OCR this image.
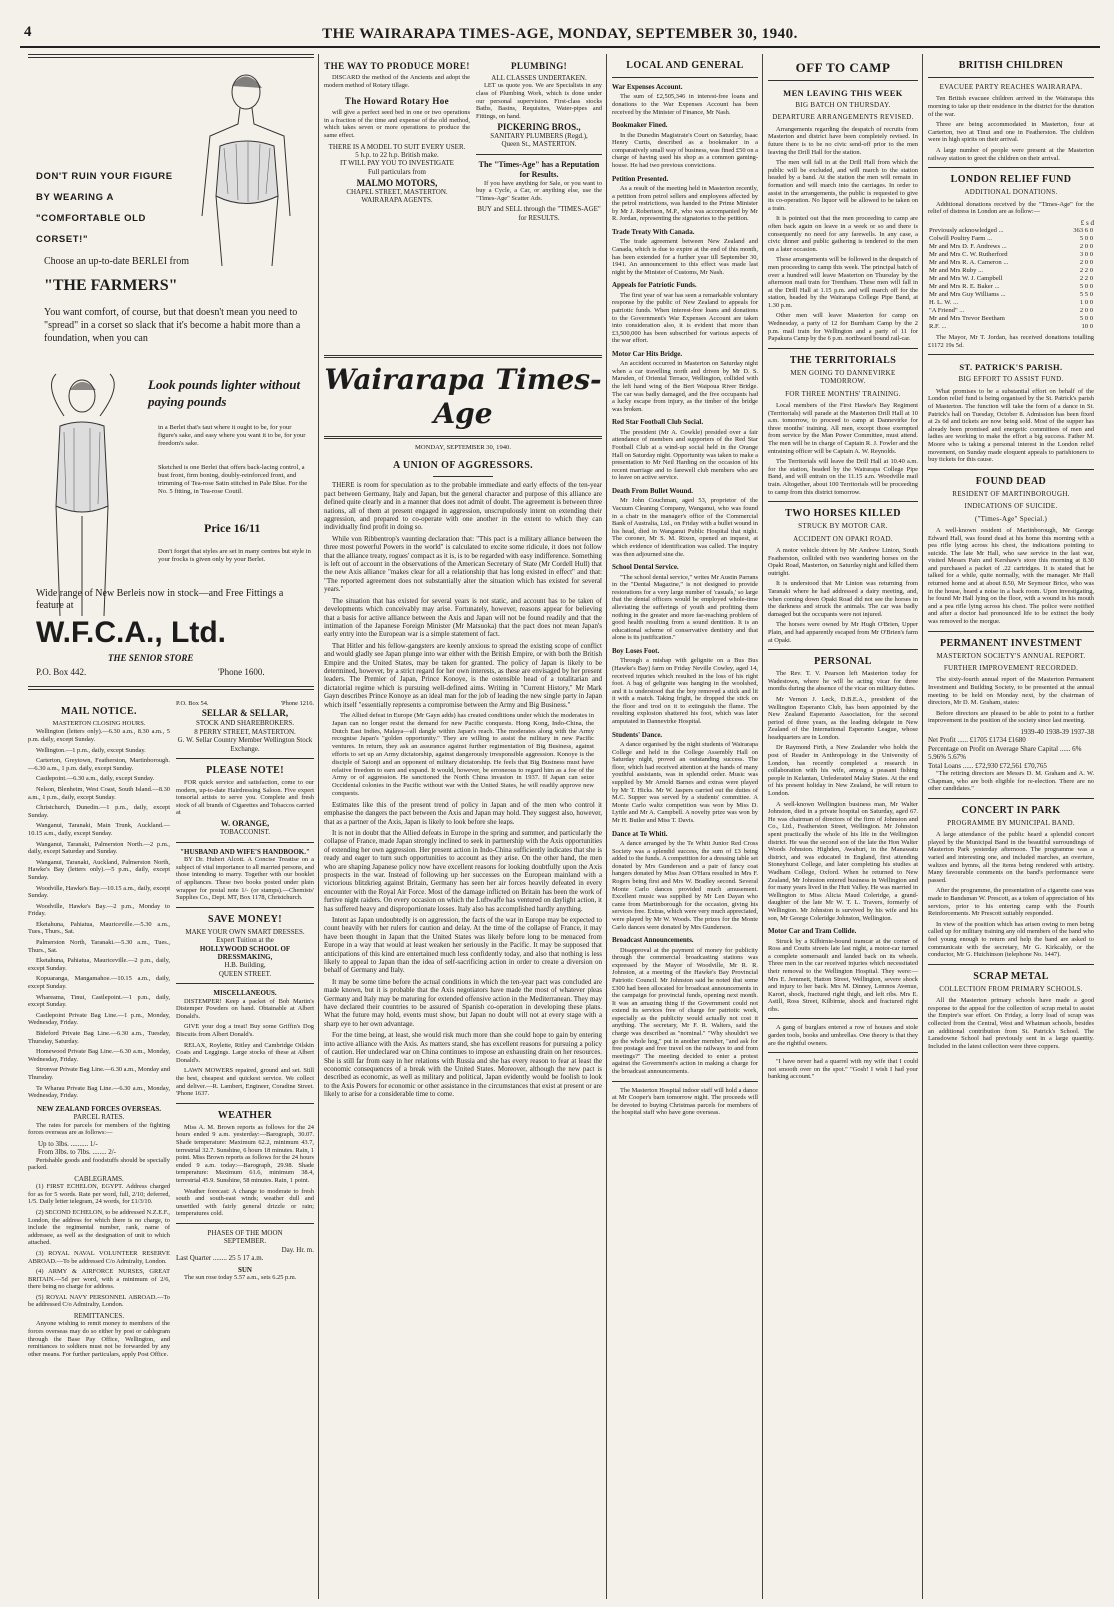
4	THE WAIRARAPA TIMES-AGE, MONDAY, SEPTEMBER 30, 1940.
DON'T RUIN YOUR FIGURE BY WEARING A "COMFORTABLE OLD CORSET!"
Choose an up-to-date BERLEI from
"THE FARMERS"
You want comfort, of course, but that doesn't mean you need to "spread" in a corset so slack that it's become a habit more than a foundation, when you can
Look pounds lighter without paying pounds
in a Berlei that's taut where it ought to be, for your figure's sake, and easy where you want it to be, for your freedom's sake.
Sketched is one Berlei that offers back-lacing control, a bust front, firm boning, doubly-reinforced front, and trimming of Tea-rose Satin stitched in Pale Blue. For the No. 5 fitting, in Tea-rose Coutil.
Price 16/11
Don't forget that styles are set in many centres but style in your frocks is given only by your Berlei.
Wide range of New Berleis now in stock—and Free Fittings a feature at
W.F.C.A., Ltd.
THE SENIOR STORE
P.O. Box 442.	'Phone 1600.
MAIL NOTICE.
MASTERTON CLOSING HOURS.

Wellington (letters only).—6.30 a.m., 8.30 a.m., 5 p.m. daily, except Sunday.

Wellington.—1 p.m., daily, except Sunday.

Carterton, Greytown, Featherston, Martinborough.—6.30 a.m., 1 p.m. daily, except Sunday.

Castlepoint.—6.30 a.m., daily, except Sunday.

Nelson, Blenheim, West Coast, South Island.—8.30 a.m., 1 p.m., daily, except Sunday.

Christchurch, Dunedin.—1 p.m., daily, except Sunday.

Wanganui, Taranaki, Main Trunk, Auckland.—10.15 a.m., daily, except Sunday.

Wanganui, Taranaki, Palmerston North.—2 p.m., daily, except Saturday and Sunday.

Wanganui, Taranaki, Auckland, Palmerston North, Hawke's Bay (letters only).—5 p.m., daily, except Sunday.

Woodville, Hawke's Bay.—10.15 a.m., daily, except Sunday.

Woodville, Hawke's Bay.—2 p.m., Monday to Friday.

Eketahuna, Pahiatua, Mauriceville.—5.30 a.m., Tues., Thurs., Sat.

Palmerston North, Taranaki.—5.30 a.m., Tues., Thurs., Sat.

Eketahuna, Pahiatua, Mauriceville.—2 p.m., daily, except Sunday.

Kopuaranga, Mangamahoe.—10.15 a.m., daily, except Sunday.

Whareama, Tinui, Castlepoint.—1 p.m., daily, except Sunday.

Castlepoint Private Bag Line.—1 p.m., Monday, Wednesday, Friday.

Bideford Private Bag Line.—6.30 a.m., Tuesday, Thursday, Saturday.

Homewood Private Bag Line.—6.30 a.m., Monday, Wednesday, Friday.

Stronvar Private Bag Line.—6.30 a.m., Monday and Thursday.

Te Wharau Private Bag Line.—6.30 a.m., Monday, Wednesday, Friday.

NEW ZEALAND FORCES OVERSEAS.
PARCEL RATES.

The rates for parcels for members of the fighting forces overseas are as follows:—

Up to 3lbs. .......... 1/-
From 3lbs. to 7lbs. ........ 2/-

Perishable goods and foodstuffs should be specially packed.

CABLEGRAMS.

(1) FIRST ECHELON, EGYPT. Address charged for as for 5 words. Rate per word, full, 2/10; deferred, 1/5. Daily letter telegram, 24 words, for £1/3/10.

(2) SECOND ECHELON, to be addressed N.Z.E.F., London, the address for which there is no charge, to include the regimental number, rank, name of addressee, as well as the designation of unit to which attached.

(3) ROYAL NAVAL VOLUNTEER RESERVE ABROAD.—To be addressed C/o Admiralty, London.

(4) ARMY & AIRFORCE NURSES, GREAT BRITAIN.—5d per word, with a minimum of 2/6, there being no charge for address.

(5) ROYAL NAVY PERSONNEL ABROAD.—To be addressed C/o Admiralty, London.

REMITTANCES.

Anyone wishing to remit money to members of the forces overseas may do so either by post or cablegram through the Base Pay Office, Wellington, and remittances to soldiers must not be forwarded by any other means. For further particulars, apply Post Office.

P.O. Box 54.	'Phone 1216.
SELLAR & SELLAR,
STOCK AND SHAREBROKERS.
8 PERRY STREET, MASTERTON.
G. W. Sellar Country Member Wellington Stock Exchange.
PLEASE NOTE!

FOR quick service and satisfaction, come to our modern, up-to-date Hairdressing Saloon. Five expert tonsorial artists to serve you. Complete and fresh stock of all brands of Cigarettes and Tobaccos carried at

W. ORANGE,
TOBACCONIST.
"HUSBAND AND WIFE'S HANDBOOK."

BY Dr. Hubert Alcott. A Concise Treatise on a subject of vital importance to all married persons, and those intending to marry. Together with our booklet of appliances. These two books posted under plain wrapper for postal note 1/- (or stamps).—Chemists' Supplies Co., Dept. MT, Box 1178, Christchurch.

SAVE MONEY!
MAKE YOUR OWN SMART DRESSES.
Expert Tuition at the
HOLLYWOOD SCHOOL OF DRESSMAKING,
H.B. Building,
QUEEN STREET.
MISCELLANEOUS.

DISTEMPER! Keep a packet of Bob Martin's Distemper Powders on hand. Obtainable at Albert Donald's.

GIVE your dog a treat! Buy some Griffin's Dog Biscuits from Albert Donald's.

RELAX, Roylette, Ritley and Cambridge Oilskin Coats and Leggings. Large stocks of these at Albert Donald's.

LAWN MOWERS repaired, ground and set. Still the best, cheapest and quickest service. We collect and deliver.—R. Lambert, Engineer, Coradine Street. 'Phone 1637.

WEATHER

Miss A. M. Brown reports as follows for the 24 hours ended 9 a.m. yesterday:—Barograph, 30.07. Shade temperature: Maximum 62.2, minimum 43.7, terrestrial 32.7. Sunshine, 6 hours 18 minutes. Rain, 1 point. Miss Brown reports as follows for the 24 hours ended 9 a.m. today:—Barograph, 29.98. Shade temperature: Maximum 61.6, minimum 38.4, terrestrial 45.9. Sunshine, 58 minutes. Rain, 1 point.

Weather forecast: A change to moderate to fresh south and south-east winds; weather dull and unsettled with fairly general drizzle or rain; temperatures cold.

PHASES OF THE MOON
SEPTEMBER.
Day. Hr. m.
Last Quarter ........ 25 5 17 a.m.
SUN

The sun rose today 5.57 a.m., sets 6.25 p.m.

THE WAY TO PRODUCE MORE!

DISCARD the method of the Ancients and adopt the modern method of Rotary tillage.

The Howard Rotary Hoe

will give a perfect seed bed in one or two operations in a fraction of the time and expense of the old method, which takes seven or more operations to produce the same effect.

THERE IS A MODEL TO SUIT EVERY USER.
5 h.p. to 22 h.p. British make.
IT WILL PAY YOU TO INVESTIGATE
Full particulars from
MALMO MOTORS,
CHAPEL STREET, MASTERTON.
WAIRARAPA AGENTS.
PLUMBING!
ALL CLASSES UNDERTAKEN.

LET us quote you. We are Specialists in any class of Plumbing Work, which is done under our personal supervision. First-class stocks Baths, Basins, Requisites, Water-pipes and Fittings, on hand.

PICKERING BROS.,
SANITARY PLUMBERS (Regd.),
Queen St., MASTERTON.
The "Times-Age" has a Reputation for Results.

If you have anything for Sale, or you want to buy a Cycle, a Car, or anything else, use the "Times-Age" Scatter Ads.

BUY and SELL through the "TIMES-AGE" for RESULTS.
Wairarapa Times-Age
MONDAY, SEPTEMBER 30, 1940.
A UNION OF AGGRESSORS.

THERE is room for speculation as to the probable immediate and early effects of the ten-year pact between Germany, Italy and Japan, but the general character and purpose of this alliance are defined quite clearly and in a manner that does not admit of doubt. The agreement is between three nations, all of them at present engaged in aggression, unscrupulously intent on extending their aggression, and prepared to co-operate with one another in the extent to which they can individually find profit in doing so.

While von Ribbentrop's vaunting declaration that: "This pact is a military alliance between the three most powerful Powers in the world" is calculated to excite some ridicule, it does not follow that the alliance treaty, rogues' compact as it is, is to be regarded with easy indifference. Something is left out of account in the observations of the American Secretary of State (Mr Cordell Hull) that the new Axis alliance "makes clear for all a relationship that has long existed in effect" and that: "The reported agreement does not substantially alter the situation which has existed for several years."

The situation that has existed for several years is not static, and account has to be taken of developments which conceivably may arise. Fortunately, however, reasons appear for believing that a basis for active alliance between the Axis and Japan will not be found readily and that the intimation of the Japanese Foreign Minister (Mr Matsuoka) that the pact does not mean Japan's early entry into the European war is a simple statement of fact.

That Hitler and his fellow-gangsters are keenly anxious to spread the existing scope of conflict and would gladly see Japan plunge into war either with the British Empire, or with both the British Empire and the United States, may be taken for granted. The policy of Japan is likely to be determined, however, by a strict regard for her own interests, as these are envisaged by her present leaders. The Premier of Japan, Prince Konoye, is the ostensible head of a totalitarian and dictatorial regime which is pursuing well-defined aims. Writing in "Current History," Mr Mark Gayn describes Prince Konoye as an ideal man for the job of leading the new single party in Japan which itself "essentially represents a compromise between the Army and Big Business."

The Allied defeat in Europe (Mr Gayn adds) has created conditions under which the moderates in Japan can no longer resist the demand for new Pacific conquests. Hong Kong, Indo-China, the Dutch East Indies, Malaya—all dangle within Japan's reach. The moderates along with the Army recognise Japan's "golden opportunity." They are willing to assist the military in new Pacific ventures. In return, they ask an assurance against further regimentation of Big Business, against efforts to set up an Army dictatorship, against dangerously irresponsible aggression. Konoye is the disciple of Saionji and an opponent of military dictatorship. He feels that Big Business must have relative freedom to earn and expand. It would, however, be erroneous to regard him as a foe of the Army or of aggression. He sanctioned the North China invasion in 1937. If Japan can seize Occidental colonies in the Pacific without war with the United States, he will readily approve new conquests.

Estimates like this of the present trend of policy in Japan and of the men who control it emphasise the dangers the pact between the Axis and Japan may hold. They suggest also, however, that as a partner of the Axis, Japan is likely to look before she leaps.

It is not in doubt that the Allied defeats in Europe in the spring and summer, and particularly the collapse of France, made Japan strongly inclined to seek in partnership with the Axis opportunities of extending her own aggression. Her present action in Indo-China sufficiently indicates that she is ready and eager to turn such opportunities to account as they arise. On the other hand, the men who are shaping Japanese policy now have excellent reasons for looking doubtfully upon the Axis prospects in the war. Instead of following up her successes on the European mainland with a victorious blitzkrieg against Britain, Germany has seen her air forces heavily defeated in every encounter with the Royal Air Force. Most of the damage inflicted on Britain has been the work of furtive night raiders. On every occasion on which the Luftwaffe has ventured on daylight action, it has suffered heavy and disproportionate losses. Italy also has accomplished hardly anything.

Intent as Japan undoubtedly is on aggression, the facts of the war in Europe may be expected to count heavily with her rulers for caution and delay. At the time of the collapse of France, it may have been thought in Japan that the United States was likely before long to be menaced from Europe in a way that would at least weaken her seriously in the Pacific. It may be supposed that anticipations of this kind are entertained much less confidently today, and also that nothing is less likely to appeal to Japan than the idea of self-sacrificing action in order to create a diversion on behalf of Germany and Italy.

It may be some time before the actual conditions in which the ten-year pact was concluded are made known, but it is probable that the Axis negotiators have made the most of whatever pleas Germany and Italy may be maturing for extended offensive action in the Mediterranean. They may have declared their countries to be assured of Spanish co-operation in developing these plans. What the future may hold, events must show, but Japan no doubt will not at every stage with a sharp eye to her own advantage.

For the time being, at least, she would risk much more than she could hope to gain by entering into active alliance with the Axis. As matters stand, she has excellent reasons for pursuing a policy of caution. Her undeclared war on China continues to impose an exhausting drain on her resources. She is still far from easy in her relations with Russia and she has every reason to fear at least the economic consequences of a break with the United States. Moreover, although the new pact is described as economic, as well as military and political, Japan evidently would be foolish to look to the Axis Powers for economic or other assistance in the circumstances that exist at present or are likely to arise for a considerable time to come.

LOCAL AND GENERAL
War Expenses Account.

The sum of £2,505,346 in interest-free loans and donations to the War Expenses Account has been received by the Minister of Finance, Mr Nash.

Bookmaker Fined.

In the Dunedin Magistrate's Court on Saturday, Isaac Henry Curtis, described as a bookmaker in a comparatively small way of business, was fined £50 on a charge of having used his shop as a common gaming-house. He had two previous convictions.

Petition Presented.

As a result of the meeting held in Masterton recently, a petition from petrol sellers and employees affected by the petrol restrictions, was handed to the Prime Minister by Mr J. Robertson, M.P., who was accompanied by Mr R. Jordan, representing the signatories to the petition.

Trade Treaty With Canada.

The trade agreement between New Zealand and Canada, which is due to expire at the end of this month, has been extended for a further year till September 30, 1941. An announcement to this effect was made last night by the Minister of Customs, Mr Nash.

Appeals for Patriotic Funds.

The first year of war has seen a remarkable voluntary response by the public of New Zealand to appeals for patriotic funds. When interest-free loans and donations to the Government's War Expenses Account are taken into consideration also, it is evident that more than £3,500,000 has been subscribed for various aspects of the war effort.

Motor Car Hits Bridge.

An accident occurred in Masterton on Saturday night when a car travelling north and driven by Mr D. S. Marsden, of Oriental Terrace, Wellington, collided with the left hand wing of the Bert Waipoua River Bridge. The car was badly damaged, and the five occupants had a lucky escape from injury, as the timber of the bridge was broken.

Red Star Football Club Social.

The president (Mr A. Cowkle) presided over a fair attendance of members and supporters of the Red Star Football Club at a wind-up social held in the Orange Hall on Saturday night. Opportunity was taken to make a presentation to Mr Neil Harding on the occasion of his recent marriage and to farewell club members who are to leave on active service.

Death From Bullet Wound.

Mr John Couchman, aged 53, proprietor of the Vacuum Cleaning Company, Wanganui, who was found in a chair in the manager's office of the Commercial Bank of Australia, Ltd., on Friday with a bullet wound in his head, died in Wanganui Public Hospital that night. The coroner, Mr S. M. Rixon, opened an inquest, at which evidence of identification was called. The inquiry was then adjourned sine die.

School Dental Service.

"The school dental service," writes Mr Austin Parrans in the "Dental Magazine," is not designed to provide restorations for a very large number of 'casuals,' so large that the dental officers would be employed whole-time alleviating the sufferings of youth and profiting them nothing in the greater and more far-reaching problem of good health resulting from a sound dentition. It is an educational scheme of conservative dentistry and that alone is its justification."

Boy Loses Foot.

Through a mishap with gelignite on a Bus Bus (Hawke's Bay) farm on Friday Neville Cowley, aged 14, received injuries which resulted in the loss of his right foot. A bag of gelignite was hanging in the woolshed, and it is understood that the boy removed a stick and lit it with a match. Taking fright, he dropped the stick on the floor and trod on it to extinguish the flame. The resulting explosion shattered his foot, which was later amputated in Dannevirke Hospital.

Students' Dance.

A dance organised by the night students of Wairarapa College and held in the College Assembly Hall on Saturday night, proved an outstanding success. The floor, which had received attention at the hands of many youthful assistants, was in splendid order. Music was supplied by Mr Arnold Barnes and extras were played by Mr T. Hicks. Mr W. Jaspers carried out the duties of M.C. Supper was served by a students' committee. A Monte Carlo waltz competition was won by Miss D. Lyttle and Mr A. Campbell. A novelty prize was won by Mr H. Butler and Miss T. Davis.

Dance at Te Whiti.

A dance arranged by the Te Whiti Junior Red Cross Society was a splendid success, the sum of £3 being added to the funds. A competition for a dressing table set donated by Mrs Gunderson and a pair of fancy coat hangers donated by Miss Joan O'Hara resulted in Mrs F. Rogers being first and Mrs W. Bradley second. Several Monte Carlo dances provided much amusement. Excellent music was supplied by Mr Len Dayan who came from Martinborough for the occasion, giving his services free. Extras, which were very much appreciated, were played by Mr W. Woods. The prizes for the Monte Carlo dances were donated by Mrs Gunderson.

Broadcast Announcements.

Disapproval at the payment of money for publicity through the commercial broadcasting stations was expressed by the Mayor of Woodville, Mr R. R. Johnston, at a meeting of the Hawke's Bay Provincial Patriotic Council. Mr Johnston said he noted that some £300 had been allocated for broadcast announcements in the campaign for provincial funds, opening next month. It was an amazing thing if the Government could not extend its services free of charge for patriotic work, especially as the publicity would actually not cost it anything. The secretary, Mr F. R. Walters, said the charge was described as "nominal." "Why shouldn't we go the whole hog," put in another member, "and ask for free postage and free travel on the railways to and from meetings?" The meeting decided to enter a protest against the Government's action in making a charge for the broadcast announcements.

The Masterton Hospital indoor staff will hold a dance at Mr Cooper's barn tomorrow night. The proceeds will be devoted to buying Christmas parcels for members of the hospital staff who have gone overseas.

OFF TO CAMP
MEN LEAVING THIS WEEK
BIG BATCH ON THURSDAY.
DEPARTURE ARRANGEMENTS REVISED.

Arrangements regarding the despatch of recruits from Masterton and district have been completely revised. In future there is to be no civic send-off prior to the men leaving the Drill Hall for the station.

The men will fall in at the Drill Hall from which the public will be excluded, and will march to the station headed by a band. At the station the men will remain in formation and will march into the carriages. In order to assist in the arrangements, the public is requested to give its co-operation. No liquor will be allowed to be taken on a train.

It is pointed out that the men proceeding to camp are often back again on leave in a week or so and there is consequently no need for any farewells. In any case, a civic dinner and public gathering is tendered to the men on a later occasion.

These arrangements will be followed in the despatch of men proceeding to camp this week. The principal batch of over a hundred will leave Masterton on Thursday by the afternoon mail train for Trentham. These men will fall in at the Drill Hall at 1.15 p.m. and will march off for the station, headed by the Wairarapa College Pipe Band, at 1.30 p.m.

Other men will leave Masterton for camp on Wednesday, a party of 12 for Burnham Camp by the 2 p.m. mail train for Wellington and a party of 11 for Papakura Camp by the 6 p.m. northward bound rail-car.

THE TERRITORIALS
MEN GOING TO DANNEVIRKE TOMORROW.
FOR THREE MONTHS' TRAINING.

Local members of the First Hawke's Bay Regiment (Territorials) will parade at the Masterton Drill Hall at 10 a.m. tomorrow, to proceed to camp at Dannevirke for three months' training. All men, except those exempted from service by the Man Power Committee, must attend. The men will be in charge of Captain R. J. Fowler and the entraining officer will be Captain A. W. Reynolds.

The Territorials will leave the Drill Hall at 10.40 a.m. for the station, headed by the Wairarapa College Pipe Band, and will entrain on the 11.15 a.m. Woodville mail train. Altogether, about 100 Territorials will be proceeding to camp from this district tomorrow.

TWO HORSES KILLED
STRUCK BY MOTOR CAR.
ACCIDENT ON OPAKI ROAD.

A motor vehicle driven by Mr Andrew Linton, South Featherston, collided with two wandering horses on the Opaki Road, Masterton, on Saturday night and killed them outright.

It is understood that Mr Linton was returning from Taranaki where he had addressed a dairy meeting, and, when coming down Opaki Road did not see the horses in the darkness and struck the animals. The car was badly damaged but the occupants were not injured.

The horses were owned by Mr Hugh O'Brien, Upper Plain, and had apparently escaped from Mr O'Brien's farm at Opaki.

PERSONAL

The Rev. T. V. Pearson left Masterton today for Wadestown, where he will be acting vicar for three months during the absence of the vicar on military duties.

Mr Vernon J. Leck, D.B.E.A., president of the Wellington Esperanto Club, has been appointed by the New Zealand Esperanto Association, for the second period of three years, as the leading delegate in New Zealand of the International Esperanto League, whose headquarters are in London.

Dr Raymond Firth, a New Zealander who holds the post of Reader in Anthropology in the University of London, has recently completed a research in collaboration with his wife, among a peasant fishing people in Kelantan, Unfederated Malay States. At the end of his present holiday in New Zealand, he will return to London.

A well-known Wellington business man, Mr Walter Johnston, died in a private hospital on Saturday, aged 67. He was chairman of directors of the firm of Johnston and Co., Ltd., Featherston Street, Wellington. Mr Johnston spent practically the whole of his life in the Wellington district. He was the second son of the late the Hon Walter Woods Johnston. Highden, Awahuri, in the Manawatu district, and was educated in England, first attending Stoneyhurst College, and later completing his studies at Wadham College, Oxford. When he returned to New Zealand, Mr Johnston entered business in Wellington and for many years lived in the Hutt Valley. He was married in Wellington to Miss Alicia Maud Coleridge, a grand-daughter of the late Mr W. T. L. Travers, formerly of Wellington. Mr Johnston is survived by his wife and his son, Mr George Coleridge Johnston, Wellington.

Motor Car and Tram Collide.

Struck by a Kilbirnie-bound tramcar at the corner of Ross and Coutts streets late last night, a motor-car turned a complete somersault and landed back on its wheels. Three men in the car received injuries which necessitated their removal to the Wellington Hospital. They were:—Mrs E. Jemmett, Hatton Street, Wellington, severe shock and injury to her back. Mrs M. Dinney, Lemnos Avenue, Karori, shock, fractured right thigh, and left ribs. Mrs E. Astill, Ross Street, Kilbirnie, shock and fractured right ribs.

A gang of burglars entered a row of houses and stole garden tools, books and umbrellas. One theory is that they are the rightful owners.

"I have never had a quarrel with my wife that I could not smooth over on the spot." "Gosh! I wish I had your banking account."

BRITISH CHILDREN
EVACUEE PARTY REACHES WAIRARAPA.

Ten British evacuee children arrived in the Wairarapa this morning to take up their residence in the district for the duration of the war.

Three are being accommodated in Masterton, four at Carterton, two at Tinui and one in Featherston. The children were in high spirits on their arrival.

A large number of people were present at the Masterton railway station to greet the children on their arrival.

LONDON RELIEF FUND
ADDITIONAL DONATIONS.

Additional donations received by the "Times-Age" for the relief of distress in London are as follow:—

£ s d
Previously acknowledged ...	363 6 0
Colwill Poultry Farm ...	5 0 0
Mr and Mrs D. F. Andrews ...	2 0 0
Mr and Mrs C. W. Rutherford	3 0 0
Mr and Mrs R. A. Cameron ...	2 0 0
Mr and Mrs Ruby ...	2 2 0
Mr and Mrs W. J. Campbell	2 2 0
Mr and Mrs R. E. Baker ...	5 0 0
Mr and Mrs Guy Williams ...	5 5 0
H. L. W. ...	1 0 0
"A Friend" ...	2 0 0
Mr and Mrs Trevor Beetham	5 0 0
R.F. ...	10 0

The Mayor, Mr T. Jordan, has received donations totalling £1172 19s 5d.

ST. PATRICK'S PARISH.
BIG EFFORT TO ASSIST FUND.

What promises to be a substantial effort on behalf of the London relief fund is being organised by the St. Patrick's parish of Masterton. The function will take the form of a dance in St. Patrick's hall on Tuesday, October 8. Admission has been fixed at 2s 6d and tickets are now being sold. Most of the supper has already been promised and energetic committees of men and ladies are working to make the effort a big success. Father M. Moore who is taking a personal interest in the London relief movement, on Sunday made eloquent appeals to parishioners to buy tickets for this cause.

FOUND DEAD
RESIDENT OF MARTINBOROUGH.
INDICATIONS OF SUICIDE.
("Times-Age" Special.)

A well-known resident of Martinborough, Mr George Edward Hall, was found dead at his home this morning with a pea rifle lying across his chest, the indications pointing to suicide. The late Mr Hall, who saw service in the last war, visited Messrs Pain and Kershaw's store this morning at 8.30 and purchased a packet of .22 cartridges. It is stated that he talked for a while, quite normally, with the manager. Mr Hall returned home and at about 8.50, Mr Seymour Brice, who was in the house, heard a noise in a back room. Upon investigating, he found Mr Hall lying on the floor, with a wound in his mouth and a pea rifle lying across his chest. The police were notified and after a doctor had pronounced life to be extinct the body was removed to the morgue.

PERMANENT INVESTMENT
MASTERTON SOCIETY'S ANNUAL REPORT.
FURTHER IMPROVEMENT RECORDED.

The sixty-fourth annual report of the Masterton Permanent Investment and Building Society, to be presented at the annual meeting to be held on Monday next, by the chairman of directors, Mr D. M. Graham, states:

Before directors are pleased to be able to point to a further improvement in the position of the society since last meeting.

1939-40 1938-39 1937-38
Net Profit ...... £1705 £1734 £1680
Percentage on Profit on Average Share Capital ...... 6% 5.96% 5.67%
Total Loans ...... £72,930 £72,561 £70,765

"The retiring directors are Messrs D. M. Graham and A. W. Chapman, who are both eligible for re-election. There are no other candidates."

CONCERT IN PARK
PROGRAMME BY MUNICIPAL BAND.

A large attendance of the public heard a splendid concert played by the Municipal Band in the beautiful surroundings of Masterton Park yesterday afternoon. The programme was a varied and interesting one, and included marches, an overture, waltzes and hymns, all the items being rendered with artistry. Many favourable comments on the band's performance were passed.

After the programme, the presentation of a cigarette case was made to Bandsman W. Prescott, as a token of appreciation of his services, prior to his entering camp with the Fourth Reinforcements. Mr Prescott suitably responded.

In view of the position which has arisen owing to men being called up for military training any old members of the band who feel young enough to return and help the band are asked to communicate with the secretary, Mr G. Kirkcaldy, or the conductor, Mr G. Hutchinson (telephone No. 1447).

SCRAP METAL
COLLECTION FROM PRIMARY SCHOOLS.

All the Masterton primary schools have made a good response to the appeal for the collection of scrap metal to assist the Empire's war effort. On Friday, a lorry load of scrap was collected from the Central, West and Whatman schools, besides an additional contribution from St. Patrick's School. The Lansdowne School had previously sent in a large quantity. Included in the latest collection were three coppers.
